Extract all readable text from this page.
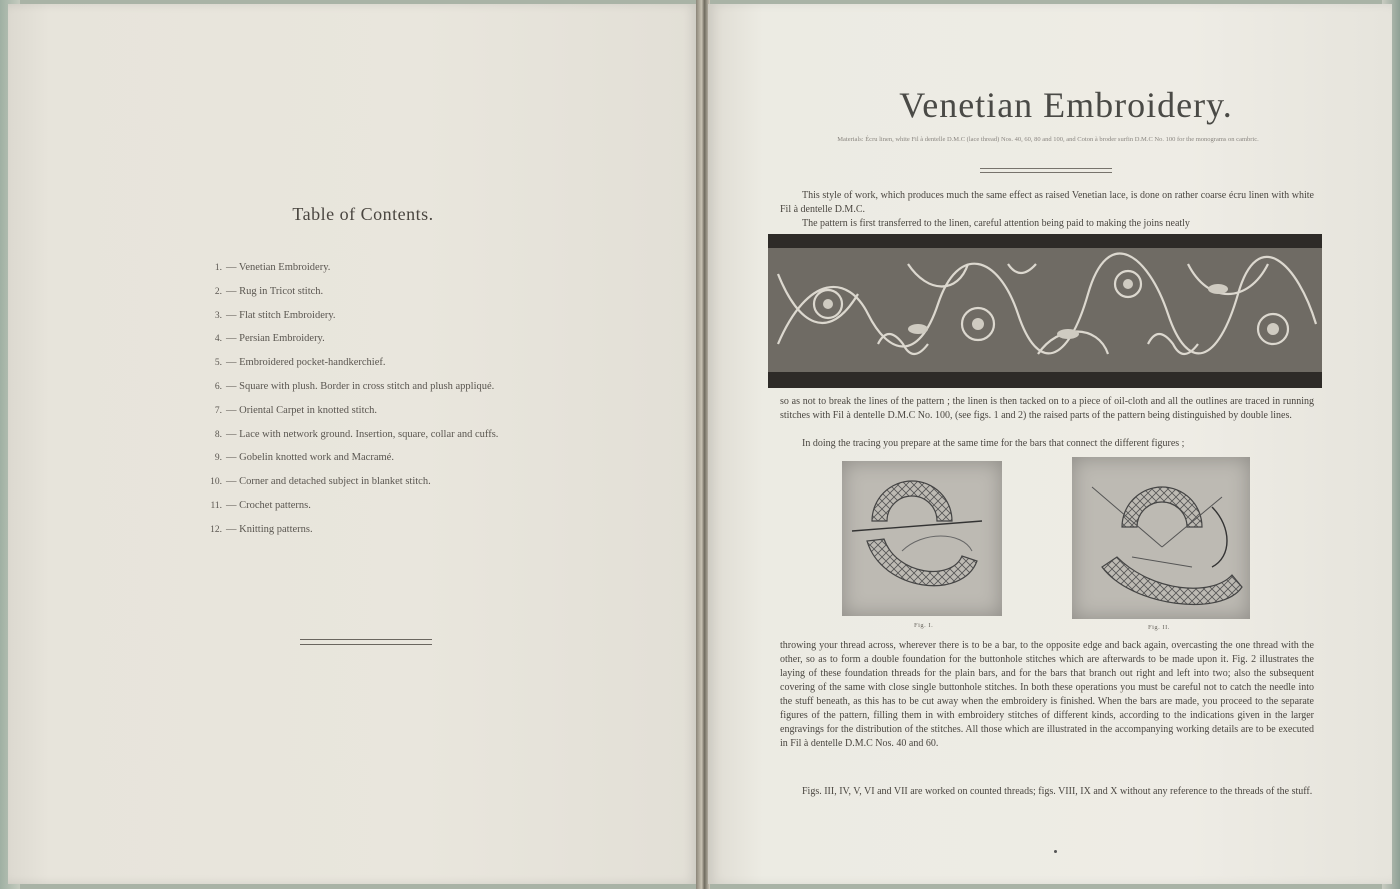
Table of Contents.
1. — Venetian Embroidery.
2. — Rug in Tricot stitch.
3. — Flat stitch Embroidery.
4. — Persian Embroidery.
5. — Embroidered pocket-handkerchief.
6. — Square with plush. Border in cross stitch and plush appliqué.
7. — Oriental Carpet in knotted stitch.
8. — Lace with network ground. Insertion, square, collar and cuffs.
9. — Gobelin knotted work and Macramé.
10. — Corner and detached subject in blanket stitch.
11. — Crochet patterns.
12. — Knitting patterns.
Venetian Embroidery.
Materials: Écru linen, white Fil à dentelle D.M.C (lace thread) Nos. 40, 60, 80 and 100, and Coton à broder surfin D.M.C No. 100 for the monograms on cambric.

This style of work, which produces much the same effect as raised Venetian lace, is done on rather coarse écru linen with white Fil à dentelle D.M.C.

The pattern is first transferred to the linen, careful attention being paid to making the joins neatly

so as not to break the lines of the pattern ; the linen is then tacked on to a piece of oil-cloth and all the outlines are traced in running stitches with Fil à dentelle D.M.C No. 100, (see figs. 1 and 2) the raised parts of the pattern being distinguished by double lines.

In doing the tracing you prepare at the same time for the bars that connect the different figures ;

Fig. I.	Fig. II.

throwing your thread across, wherever there is to be a bar, to the opposite edge and back again, overcasting the one thread with the other, so as to form a double foundation for the buttonhole stitches which are afterwards to be made upon it. Fig. 2 illustrates the laying of these foundation threads for the plain bars, and for the bars that branch out right and left into two; also the subsequent covering of the same with close single buttonhole stitches. In both these operations you must be careful not to catch the needle into the stuff beneath, as this has to be cut away when the embroidery is finished. When the bars are made, you proceed to the separate figures of the pattern, filling them in with embroidery stitches of different kinds, according to the indications given in the larger engravings for the distribution of the stitches. All those which are illustrated in the accompanying working details are to be executed in Fil à dentelle D.M.C Nos. 40 and 60.

Figs. III, IV, V, VI and VII are worked on counted threads; figs. VIII, IX and X without any reference to the threads of the stuff.
